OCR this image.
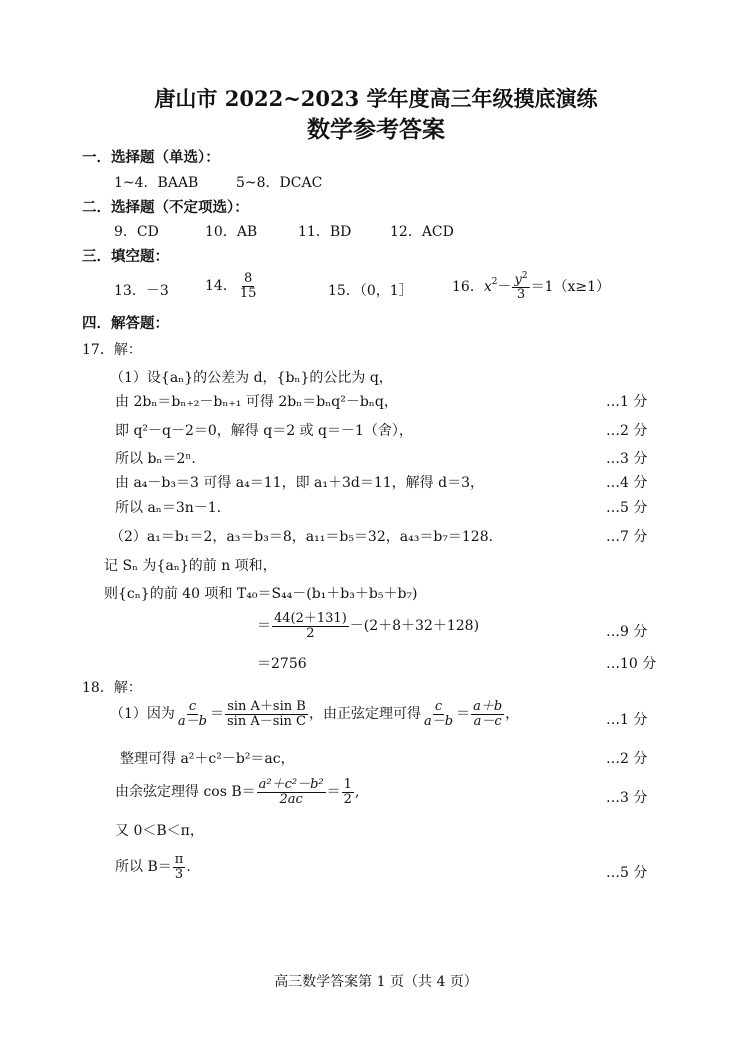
唐山市 2022~2023 学年度高三年级摸底演练
数学参考答案
一．选择题（单选）：
1~4．BAAB	5~8．DCAC
二．选择题（不定项选）：
9．CD	10．AB	11．BD	12．ACD
三．填空题：
13．－3	14． $\frac{8}{15}$	15．（0，1］	16． $x^2 - \frac{y^2}{3} =1(x\ge 1)$
四．解答题：
17．解：
（1）设{aₙ}的公差为 d，{bₙ}的公比为 q，
由 2bₙ＝bₙ₊₂－bₙ₊₁ 可得 2bₙ＝bₙq²－bₙq，	…1 分
即 q²－q－2＝0，解得 q＝2 或 q＝－1（舍），	…2 分
所以 bₙ＝2ⁿ.	…3 分
由 a₄－b₃＝3 可得 a₄＝11，即 a₁＋3d＝11，解得 d＝3，	…4 分
所以 aₙ＝3n－1.	…5 分
（2）a₁＝b₁＝2，a₃＝b₃＝8，a₁₁＝b₅＝32，a₄₃＝b₇＝128.	…7 分
记 Sₙ 为{aₙ}的前 n 项和，
则{cₙ}的前 40 项和 T₄₀＝S₄₄－(b₁＋b₃＋b₅＋b₇)
＝ $\frac{44(2+131)}{2} -(2+8+32+128)$	…9 分
＝2756	…10 分
18．解：
（1）因为 $\frac{c}{a-b} = \frac{\text{sin A＋sin B}}{\text{sin A－sin C}}$ ，由正弦定理可得 $\frac{c}{a-b} = \frac{a+b}{a-c}$ ，	…1 分
整理可得 a²＋c²－b²＝ac，	…2 分
由余弦定理得 $\cos B= \frac{\text{a²＋c²－b²}}{2ac} = \frac{1}{2}$ ,	…3 分
又 0＜B＜π，
所以 $B= \frac{\pi}{3}$ .	…5 分
高三数学答案第 1 页（共 4 页）
